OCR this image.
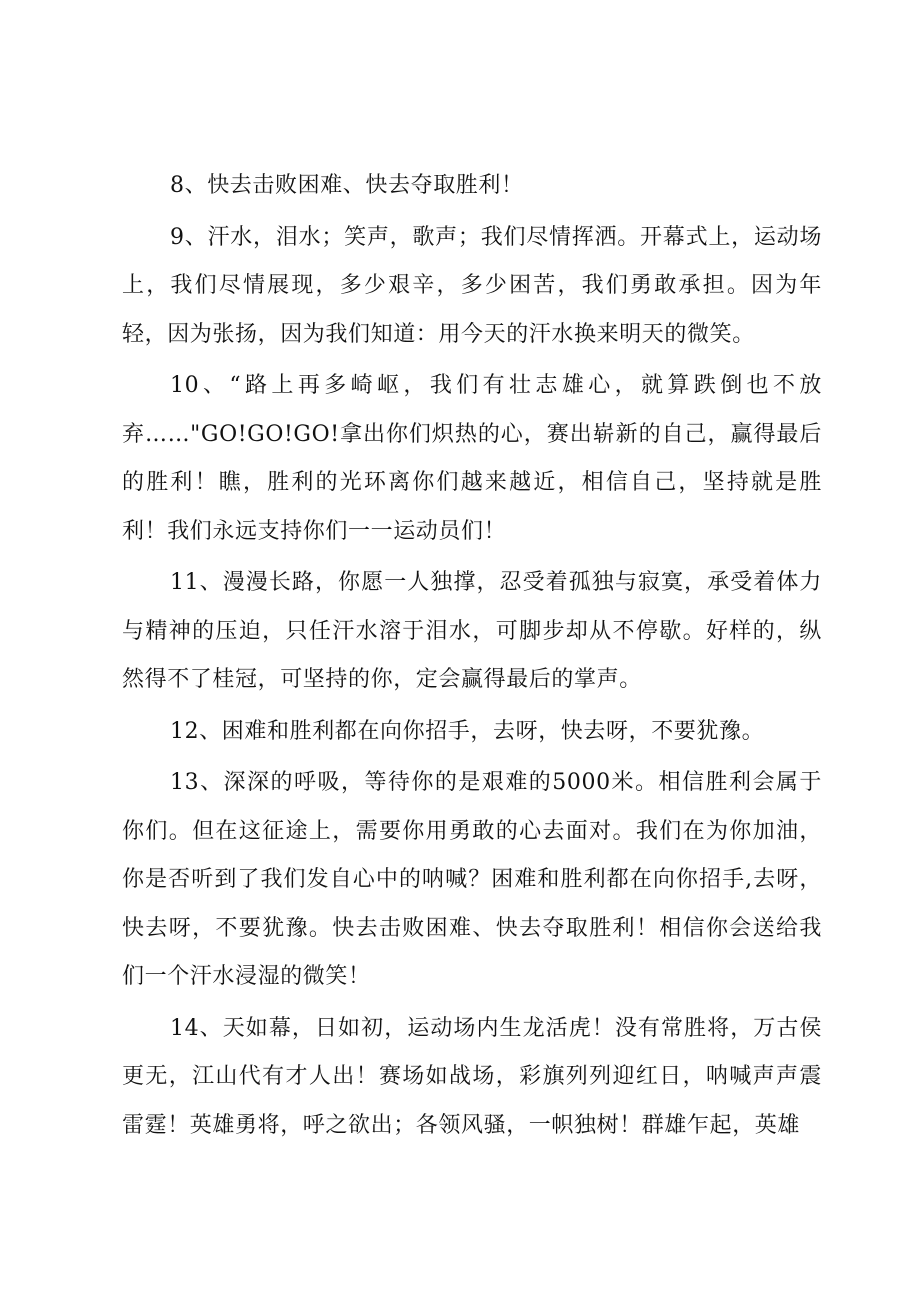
8、快去击败困难、快去夺取胜利！

9、汗水，泪水；笑声，歌声；我们尽情挥洒。开幕式上，运动场上，我们尽情展现，多少艰辛，多少困苦，我们勇敢承担。因为年轻，因为张扬，因为我们知道：用今天的汗水换来明天的微笑。

10、“路上再多崎岖，我们有壮志雄心，就算跌倒也不放弃……"GO!GO!GO!拿出你们炽热的心，赛出崭新的自己，赢得最后的胜利！瞧，胜利的光环离你们越来越近，相信自己，坚持就是胜利！我们永远支持你们一一运动员们！

11、漫漫长路，你愿一人独撑，忍受着孤独与寂寞，承受着体力与精神的压迫，只任汗水溶于泪水，可脚步却从不停歇。好样的，纵然得不了桂冠，可坚持的你，定会赢得最后的掌声。

12、困难和胜利都在向你招手，去呀，快去呀，不要犹豫。

13、深深的呼吸，等待你的是艰难的5000米。相信胜利会属于你们。但在这征途上，需要你用勇敢的心去面对。我们在为你加油，你是否听到了我们发自心中的呐喊？困难和胜利都在向你招手,去呀，快去呀，不要犹豫。快去击败困难、快去夺取胜利！相信你会送给我们一个汗水浸湿的微笑！

14、天如幕，日如初，运动场内生龙活虎！没有常胜将，万古侯更无，江山代有才人出！赛场如战场，彩旗列列迎红日，呐喊声声震雷霆！英雄勇将，呼之欲出；各领风骚，一帜独树！群雄乍起，英雄
